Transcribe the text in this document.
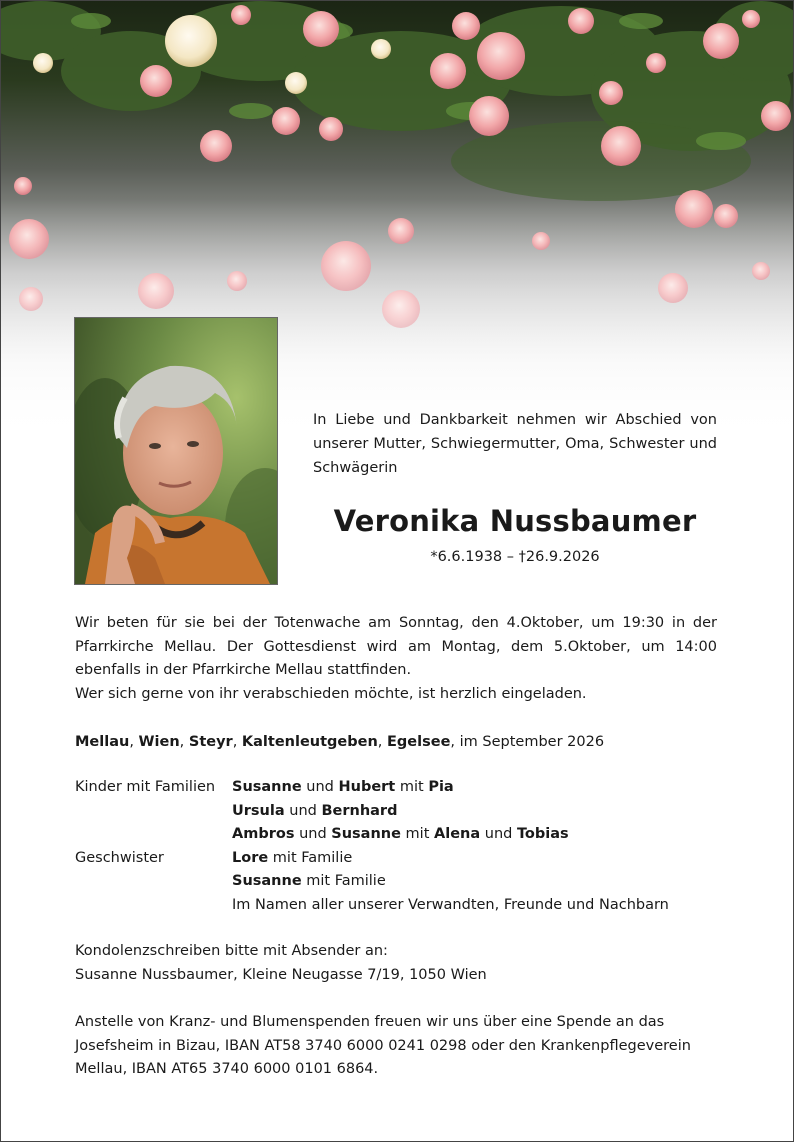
In Liebe und Dankbarkeit nehmen wir Abschied von unserer Mutter, Schwiegermutter, Oma, Schwester und Schwägerin
Veronika Nussbaumer
*6.6.1938 – †26.9.2026

Wir beten für sie bei der Totenwache am Sonntag, den 4.Oktober, um 19:30 in der Pfarrkirche Mellau. Der Gottesdienst wird am Montag, dem 5.Oktober, um 14:00 ebenfalls in der Pfarrkirche Mellau stattfinden.

Wer sich gerne von ihr verabschieden möchte, ist herzlich eingeladen.

Mellau, Wien, Steyr, Kaltenleutgeben, Egelsee, im September 2026
Kinder mit Familien	Susanne und Hubert mit Pia
Ursula und Bernhard
Ambros und Susanne mit Alena und Tobias
Geschwister	Lore mit Familie
Susanne mit Familie
Im Namen aller unserer Verwandten, Freunde und Nachbarn
Kondolenzschreiben bitte mit Absender an:
Susanne Nussbaumer, Kleine Neugasse 7/19, 1050 Wien
Anstelle von Kranz- und Blumenspenden freuen wir uns über eine Spende an das Josefsheim in Bizau, IBAN AT58 3740 6000 0241 0298 oder den Krankenpflegeverein Mellau, IBAN AT65 3740 6000 0101 6864.
